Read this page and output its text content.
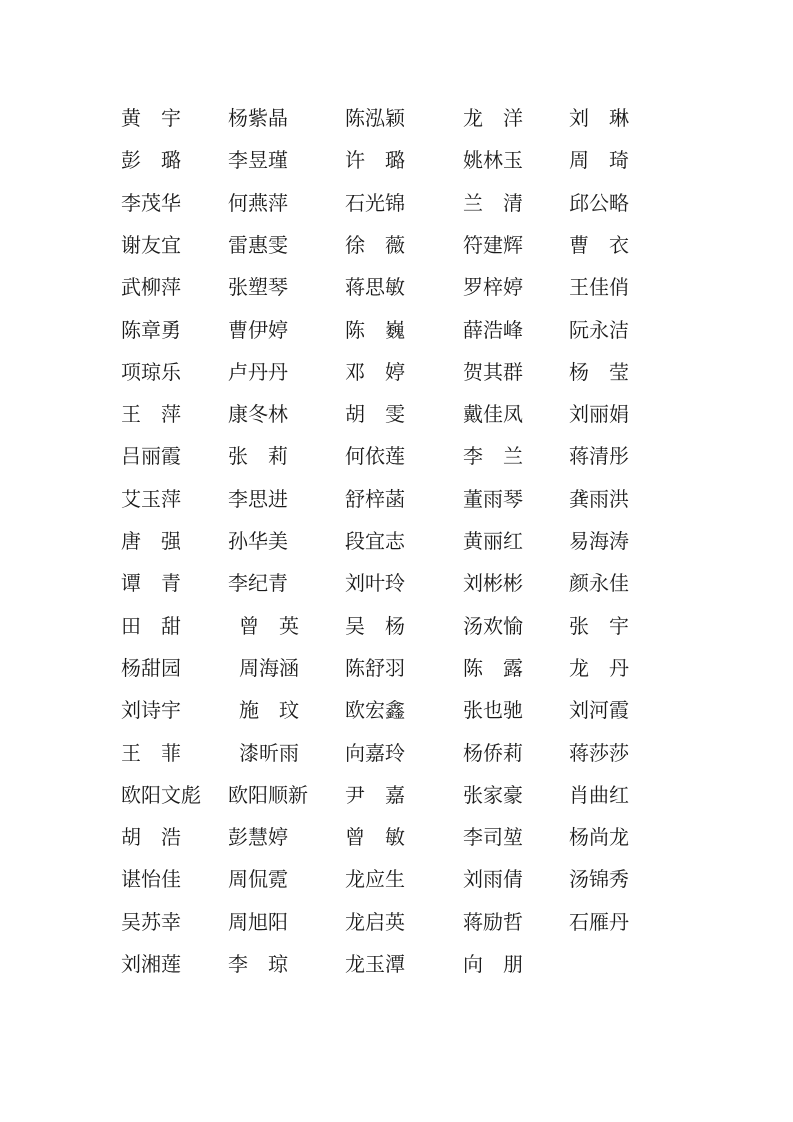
黄　宇 杨紫晶	陈泓颖	龙　洋 刘　琳
彭　璐 李昱瑾	许　璐	姚林玉 周　琦
李茂华 何燕萍	石光锦	兰　清 邱公略
谢友宜 雷惠雯	徐　薇	符建辉 曹　衣
武柳萍 张塑琴	蒋思敏	罗梓婷 王佳俏
陈章勇 曹伊婷	陈　巍	薛浩峰 阮永洁
项琼乐 卢丹丹	邓　婷	贺其群 杨　莹
王　萍 康冬林	胡　雯	戴佳凤 刘丽娟
吕丽霞 张　莉	何依莲	李　兰 蒋清彤
艾玉萍 李思进	舒梓菡	董雨琴 龚雨洪
唐　强 孙华美	段宜志	黄丽红 易海涛
谭　青 李纪青	刘叶玲	刘彬彬 颜永佳
田　甜	曾　英 吴　杨	汤欢愉 张　宇
杨甜园	周海涵 陈舒羽	陈　露 龙　丹
刘诗宇	施　玟 欧宏鑫	张也驰 刘河霞
王　菲	漆昕雨 向嘉玲	杨侨莉 蒋莎莎
欧阳文彪 欧阳顺新 尹　嘉	张家豪 肖曲红
胡　浩 彭慧婷	曾　敏	李司堃 杨尚龙
谌怡佳 周侃霓	龙应生	刘雨倩 汤锦秀
吴苏幸 周旭阳	龙启英	蒋励哲 石雁丹
刘湘莲 李　琼	龙玉潭	向　朋
